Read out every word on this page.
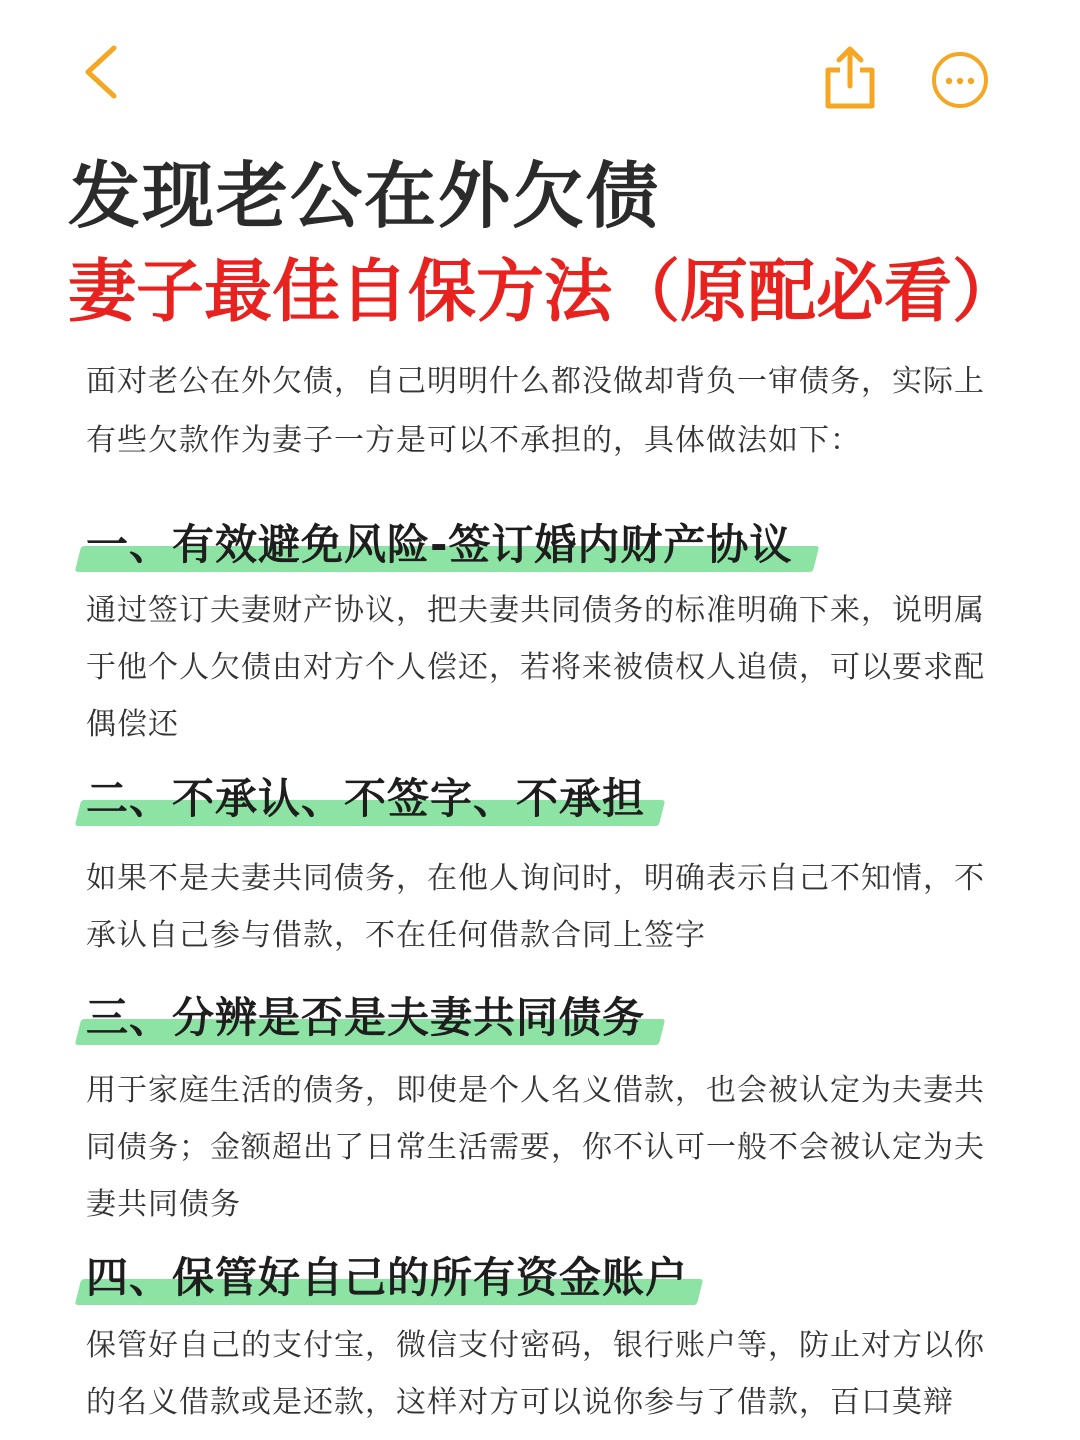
发现老公在外欠债
妻子最佳自保方法（原配必看）

面对老公在外欠债，自己明明什么都没做却背负一审债务，实际上有些欠款作为妻子一方是可以不承担的，具体做法如下：

一、有效避免风险-签订婚内财产协议

通过签订夫妻财产协议，把夫妻共同债务的标准明确下来，说明属于他个人欠债由对方个人偿还，若将来被债权人追债，可以要求配偶偿还

二、不承认、不签字、不承担

如果不是夫妻共同债务，在他人询问时，明确表示自己不知情，不承认自己参与借款，不在任何借款合同上签字

三、分辨是否是夫妻共同债务

用于家庭生活的债务，即使是个人名义借款，也会被认定为夫妻共同债务；金额超出了日常生活需要，你不认可一般不会被认定为夫妻共同债务

四、保管好自己的所有资金账户

保管好自己的支付宝，微信支付密码，银行账户等，防止对方以你的名义借款或是还款，这样对方可以说你参与了借款，百口莫辩
